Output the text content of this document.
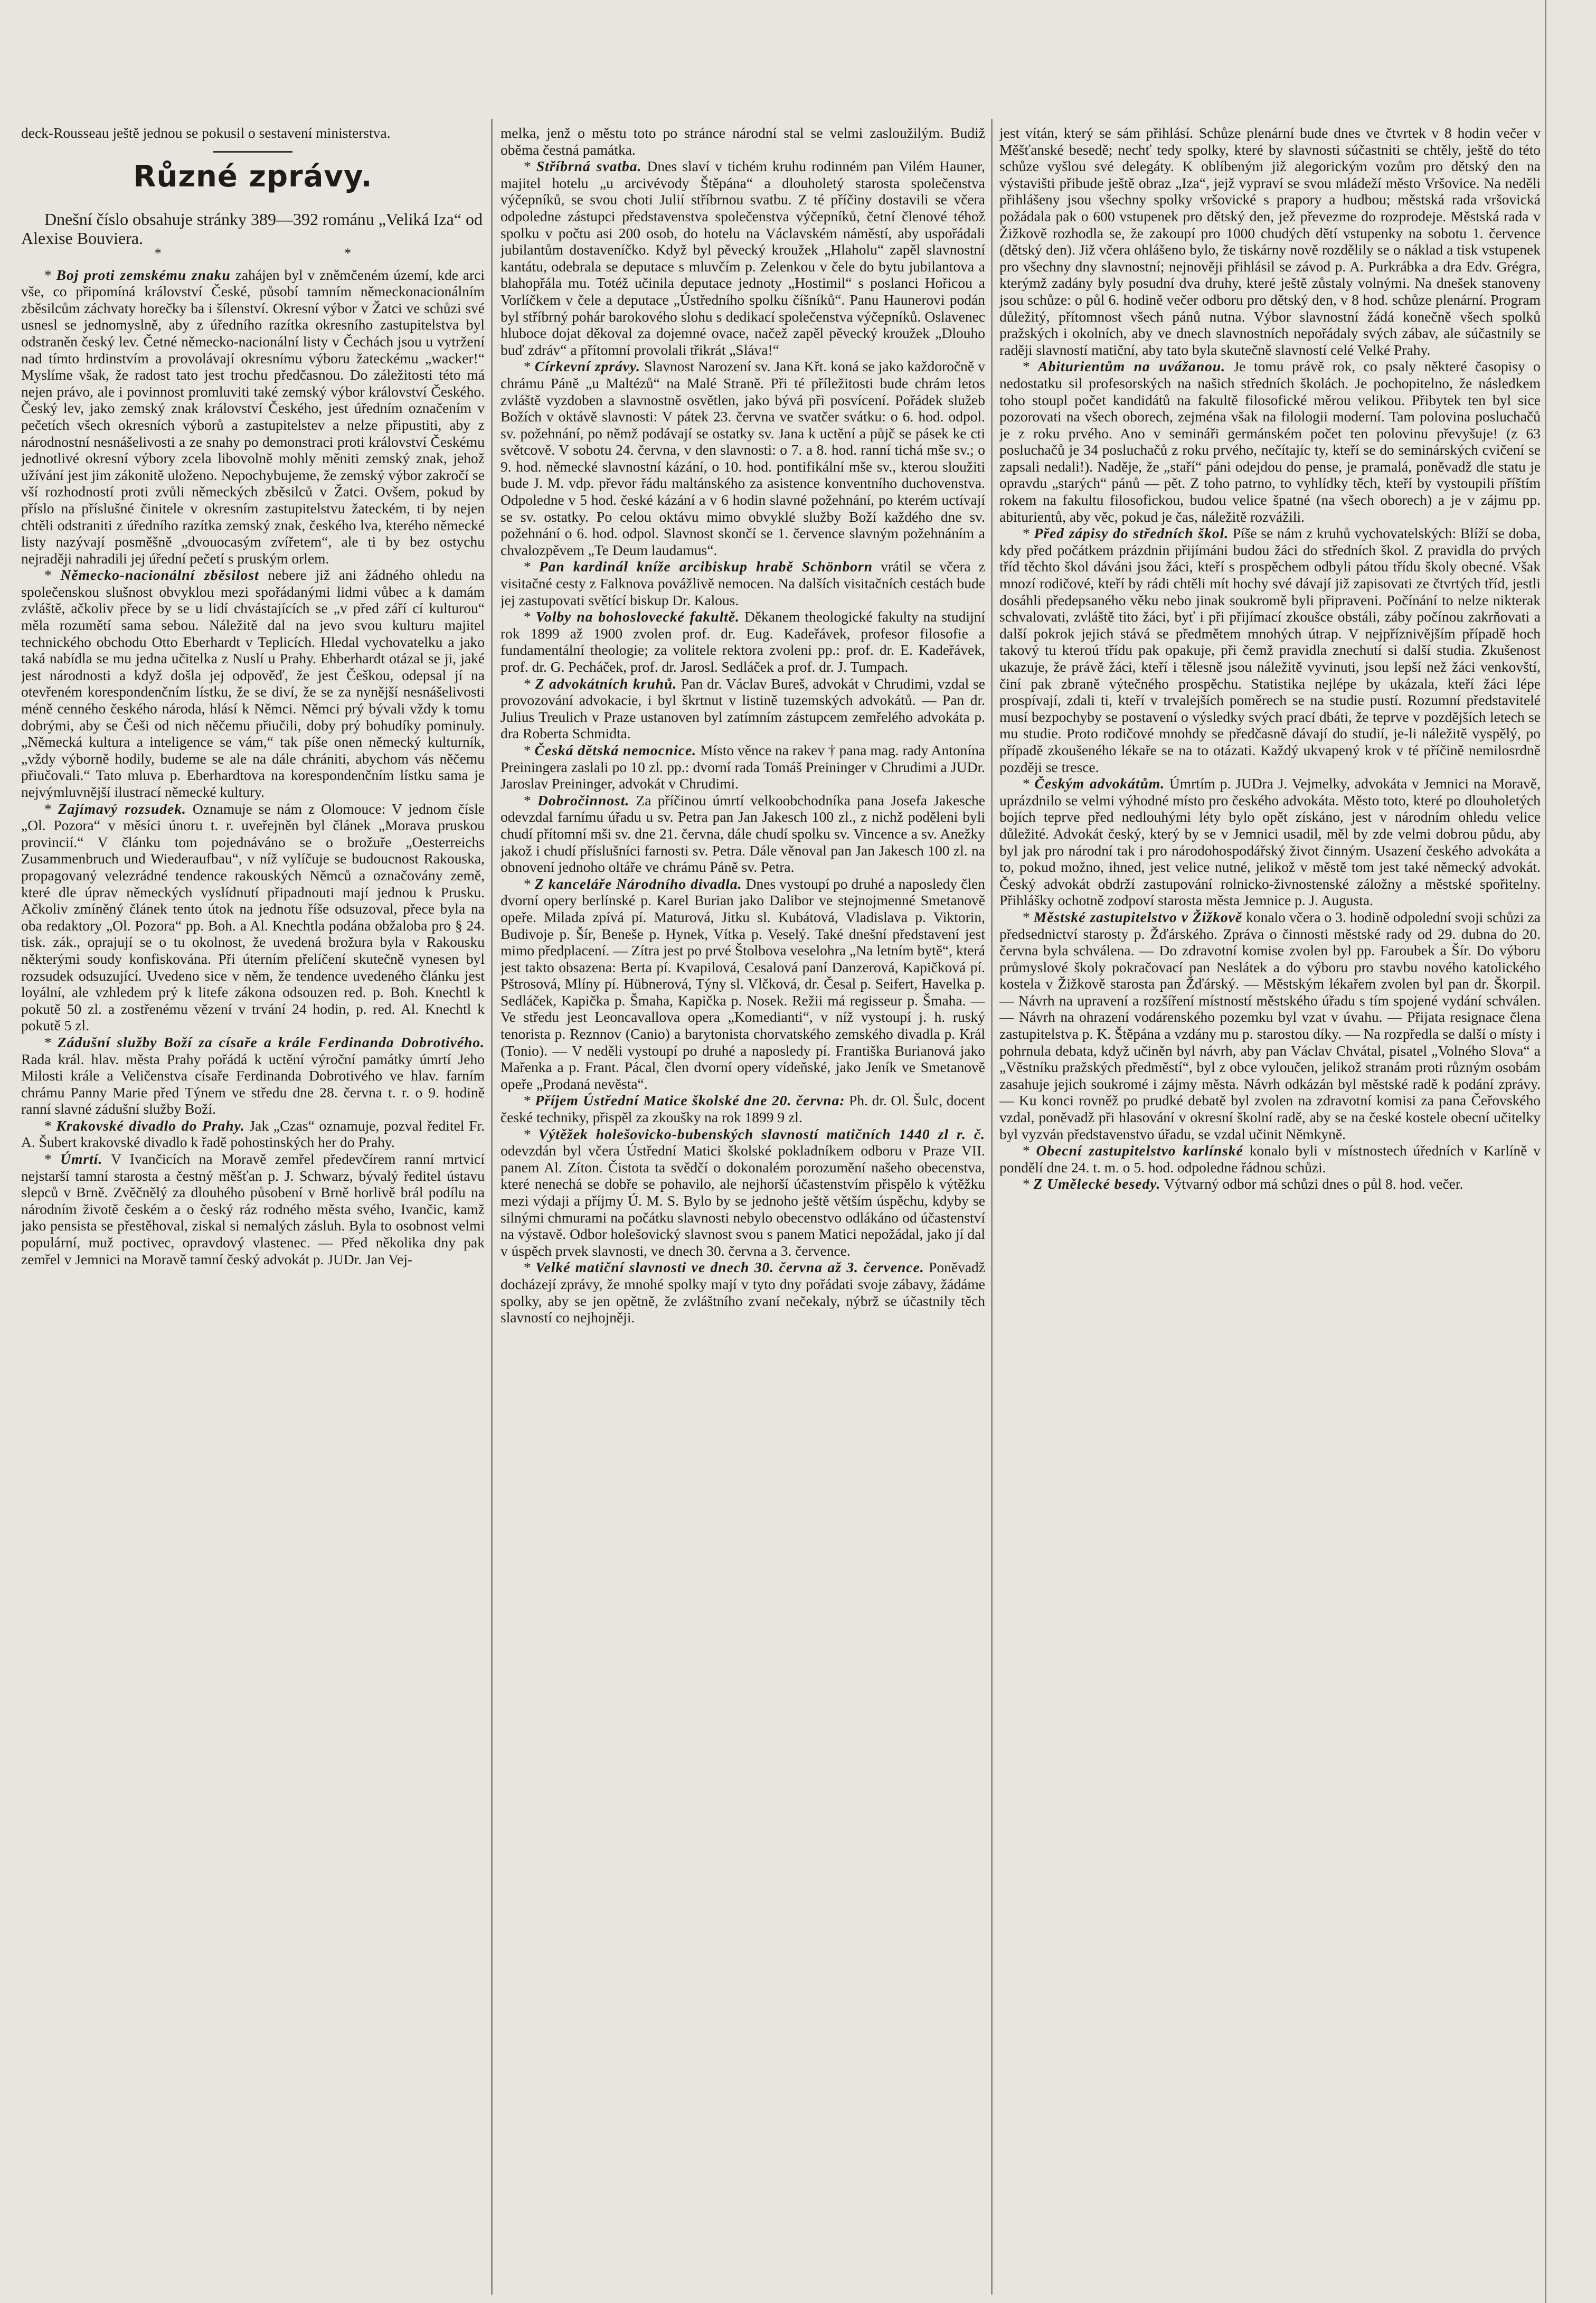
deck-Rousseau ještě jednou se pokusil o sestavení ministerstva.

Různé zprávy.

Dnešní číslo obsahuje stránky 389—392 románu „Veliká Iza“ od Alexise Bouviera.

* *

* Boj proti zemskému znaku zahájen byl v zněmčeném území, kde arci vše, co připomíná království České, působí tamním německonacionálním zběsilcům záchvaty horečky ba i šílenství. Okresní výbor v Žatci ve schůzi své usnesl se jednomyslně, aby z úředního razítka okresního zastupitelstva byl odstraněn český lev. Četné německo-nacionální listy v Čechách jsou u vytržení nad tímto hrdinstvím a provolávají okresnímu výboru žateckému „wacker!“ Myslíme však, že radost tato jest trochu předčasnou. Do záležitosti této má nejen právo, ale i povinnost promluviti také zemský výbor království Českého. Český lev, jako zemský znak království Českého, jest úředním označením v pečetích všech okresních výborů a zastupitelstev a nelze připustiti, aby z národnostní nesnášelivosti a ze snahy po demonstraci proti království Českému jednotlivé okresní výbory zcela libovolně mohly měniti zemský znak, jehož užívání jest jim zákonitě uloženo. Nepochybujeme, že zemský výbor zakročí se vší rozhodností proti zvůli německých zběsilců v Žatci. Ovšem, pokud by příslo na příslušné činitele v okresním zastupitelstvu žateckém, ti by nejen chtěli odstraniti z úředního razítka zemský znak, českého lva, kterého německé listy nazývají posměšně „dvouocasým zvířetem“, ale ti by bez ostychu nejraději nahradili jej úřední pečetí s pruským orlem.

* Německo-nacionální zběsilost nebere již ani žádného ohledu na společenskou slušnost obvyklou mezi spořádanými lidmi vůbec a k damám zvláště, ačkoliv přece by se u lidí chvástajících se „v před září cí kulturou“ měla rozumětí sama sebou. Náležitě dal na jevo svou kulturu majitel technického obchodu Otto Eberhardt v Teplicích. Hledal vychovatelku a jako taká nabídla se mu jedna učitelka z Nuslí u Prahy. Ehberhardt otázal se ji, jaké jest národnosti a když došla jej odpověď, že jest Češkou, odepsal jí na otevřeném korespondenčním lístku, že se diví, že se za nynější nesnášelivosti méně cenného českého národa, hlásí k Němci. Němci prý bývali vždy k tomu dobrými, aby se Češi od nich něčemu přiučili, doby prý bohudíky pominuly. „Německá kultura a inteligence se vám,“ tak píše onen německý kulturník, „vždy výborně hodily, budeme se ale na dále chrániti, abychom vás něčemu přiučovali.“ Tato mluva p. Eberhardtova na korespondenčním lístku sama je nejvýmluvnější ilustrací německé kultury.

* Zajímavý rozsudek. Oznamuje se nám z Olomouce: V jednom čísle „Ol. Pozora“ v měsíci únoru t. r. uveřejněn byl článek „Morava pruskou provincií.“ V článku tom pojednáváno se o brožuře „Oesterreichs Zusammenbruch und Wiederaufbau“, v níž vylíčuje se budoucnost Rakouska, propagovaný velezrádné tendence rakouských Němců a označovány země, které dle úprav německých vyslídnutí připadnouti mají jednou k Prusku. Ačkoliv zmíněný článek tento útok na jednotu říše odsuzoval, přece byla na oba redaktory „Ol. Pozora“ pp. Boh. a Al. Knechtla podána obžaloba pro § 24. tisk. zák., oprajují se o tu okolnost, že uvedená brožura byla v Rakousku některými soudy konfiskována. Při úterním přelíčení skutečně vynesen byl rozsudek odsuzující. Uvedeno sice v něm, že tendence uvedeného článku jest loyální, ale vzhledem prý k litefe zákona odsouzen red. p. Boh. Knechtl k pokutě 50 zl. a zostřenému vězení v trvání 24 hodin, p. red. Al. Knechtl k pokutě 5 zl.

* Zádušní služby Boží za císaře a krále Ferdinanda Dobrotivého. Rada král. hlav. města Prahy pořádá k uctění výroční památky úmrtí Jeho Milosti krále a Veličenstva císaře Ferdinanda Dobrotivého ve hlav. farním chrámu Panny Marie před Týnem ve středu dne 28. června t. r. o 9. hodině ranní slavné zádušní služby Boží.

* Krakovské divadlo do Prahy. Jak „Czas“ oznamuje, pozval ředitel Fr. A. Šubert krakovské divadlo k řadě pohostinských her do Prahy.

* Úmrtí. V Ivančicích na Moravě zemřel předevčírem ranní mrtvicí nejstarší tamní starosta a čestný měšťan p. J. Schwarz, bývalý ředitel ústavu slepců v Brně. Zvěčnělý za dlouhého působení v Brně horlivě brál podílu na národním životě českém a o český ráz rodného města svého, Ivančic, kamž jako pensista se přestěhoval, ziskal si nemalých zásluh. Byla to osobnost velmi populární, muž poctivec, opravdový vlastenec. — Před několika dny pak zemřel v Jemnici na Moravě tamní český advokát p. JUDr. Jan Vej-

melka, jenž o městu toto po stránce národní stal se velmi zasloužilým. Budiž oběma čestná památka.

* Stříbrná svatba. Dnes slaví v tichém kruhu rodinném pan Vilém Hauner, majitel hotelu „u arcivévody Štěpána“ a dlouholetý starosta společenstva výčepníků, se svou choti Julií stříbrnou svatbu. Z té příčiny dostavili se včera odpoledne zástupci představenstva společenstva výčepníků, četní členové téhož spolku v počtu asi 200 osob, do hotelu na Václavském náměstí, aby uspořádali jubilantům dostaveníčko. Když byl pěvecký kroužek „Hlaholu“ zapěl slavnostní kantátu, odebrala se deputace s mluvčím p. Zelenkou v čele do bytu jubilantova a blahopřála mu. Totéž učinila deputace jednoty „Hostimil“ s poslanci Hořicou a Vorlíčkem v čele a deputace „Ústředního spolku číšníků“. Panu Haunerovi podán byl stříbrný pohár barokového slohu s dedikací společenstva výčepníků. Oslavenec hluboce dojat děkoval za dojemné ovace, načež zapěl pěvecký kroužek „Dlouho buď zdráv“ a přítomní provolali třikrát „Sláva!“

* Církevní zprávy. Slavnost Narození sv. Jana Křt. koná se jako každoročně v chrámu Páně „u Maltézů“ na Malé Straně. Při té příležitosti bude chrám letos zvláště vyzdoben a slavnostně osvětlen, jako bývá při posvícení. Pořádek služeb Božích v oktávě slavnosti: V pátek 23. června ve svatčer svátku: o 6. hod. odpol. sv. požehnání, po němž podávají se ostatky sv. Jana k uctění a půjč se pásek ke cti světcově. V sobotu 24. června, v den slavnosti: o 7. a 8. hod. ranní tichá mše sv.; o 9. hod. německé slavnostní kázání, o 10. hod. pontifikální mše sv., kterou sloužiti bude J. M. vdp. převor řádu maltánského za asistence konventního duchovenstva. Odpoledne v 5 hod. české kázání a v 6 hodin slavné požehnání, po kterém uctívají se sv. ostatky. Po celou oktávu mimo obvyklé služby Boží každého dne sv. požehnání o 6. hod. odpol. Slavnost skončí se 1. července slavným požehnáním a chvalozpěvem „Te Deum laudamus“.

* Pan kardinál kníže arcibiskup hrabě Schönborn vrátil se včera z visitačné cesty z Falknova povážlivě nemocen. Na dalších visitačních cestách bude jej zastupovati světící biskup Dr. Kalous.

* Volby na bohoslovecké fakultě. Děkanem theologické fakulty na studijní rok 1899 až 1900 zvolen prof. dr. Eug. Kadeřávek, profesor filosofie a fundamentální theologie; za volitele rektora zvoleni pp.: prof. dr. E. Kadeřávek, prof. dr. G. Pecháček, prof. dr. Jarosl. Sedláček a prof. dr. J. Tumpach.

* Z advokátních kruhů. Pan dr. Václav Bureš, advokát v Chrudimi, vzdal se provozování advokacie, i byl škrtnut v listině tuzemských advokátů. — Pan dr. Julius Treulich v Praze ustanoven byl zatímním zástupcem zemřelého advokáta p. dra Roberta Schmidta.

* Česká dětská nemocnice. Místo věnce na rakev † pana mag. rady Antonína Preiningera zaslali po 10 zl. pp.: dvorní rada Tomáš Preininger v Chrudimi a JUDr. Jaroslav Preininger, advokát v Chrudimi.

* Dobročinnost. Za příčinou úmrtí velkoobchodníka pana Josefa Jakesche odevzdal farnímu úřadu u sv. Petra pan Jan Jakesch 100 zl., z nichž poděleni byli chudí přítomní mši sv. dne 21. června, dále chudí spolku sv. Vincence a sv. Anežky jakož i chudí příslušníci farnosti sv. Petra. Dále věnoval pan Jan Jakesch 100 zl. na obnovení jednoho oltáře ve chrámu Páně sv. Petra.

* Z kanceláře Národního divadla. Dnes vystoupí po druhé a naposledy člen dvorní opery berlínské p. Karel Burian jako Dalibor ve stejnojmenné Smetanově opeře. Milada zpívá pí. Maturová, Jitku sl. Kubátová, Vladislava p. Viktorin, Budivoje p. Šír, Beneše p. Hynek, Vítka p. Veselý. Také dnešní představení jest mimo předplacení. — Zítra jest po prvé Štolbova veselohra „Na letním bytě“, která jest takto obsazena: Berta pí. Kvapilová, Cesalová paní Danzerová, Kapičková pí. Pštrosová, Mlíny pí. Hübnerová, Týny sl. Vlčková, dr. Česal p. Seifert, Havelka p. Sedláček, Kapička p. Šmaha, Kapička p. Nosek. Režii má regisseur p. Šmaha. — Ve středu jest Leoncavallova opera „Komedianti“, v níž vystoupí j. h. ruský tenorista p. Reznnov (Canio) a barytonista chorvatského zemského divadla p. Král (Tonio). — V neděli vystoupí po druhé a naposledy pí. Františka Burianová jako Mařenka a p. Frant. Pácal, člen dvorní opery vídeňské, jako Jeník ve Smetanově opeře „Prodaná nevěsta“.

* Příjem Ústřední Matice školské dne 20. června: Ph. dr. Ol. Šulc, docent české techniky, přispěl za zkoušky na rok 1899 9 zl.

* Výtěžek holešovicko-bubenských slavností matičních 1440 zl r. č. odevzdán byl včera Ústřední Matici školské pokladníkem odboru v Praze VII. panem Al. Zíton. Čistota ta svědčí o dokonalém porozumění našeho obecenstva, které nenechá se dobře se pohavilo, ale nejhorší účastenstvím přispělo k výtěžku mezi výdaji a příjmy Ú. M. S. Bylo by se jednoho ještě větším úspěchu, kdyby se silnými chmurami na počátku slavnosti nebylo obecenstvo odlákáno od účastenství na výstavě. Odbor holešovický slavnost svou s panem Matici nepožádal, jako jí dal v úspěch prvek slavnosti, ve dnech 30. června a 3. července.

* Velké matiční slavnosti ve dnech 30. června až 3. července. Poněvadž docházejí zprávy, že mnohé spolky mají v tyto dny pořádati svoje zábavy, žádáme spolky, aby se jen opětně, že zvláštního zvaní nečekaly, nýbrž se účastnily těch slavností co nejhojněji.

jest vítán, který se sám přihlásí. Schůze plenární bude dnes ve čtvrtek v 8 hodin večer v Měšťanské besedě; nechť tedy spolky, které by slavnosti súčastniti se chtěly, ještě do této schůze vyšlou své delegáty. K oblíbeným již alegorickým vozům pro dětský den na výstavišti přibude ještě obraz „Iza“, jejž vypraví se svou mládeží město Vršovice. Na neděli přihlášeny jsou všechny spolky vršovické s prapory a hudbou; městská rada vršovická požádala pak o 600 vstupenek pro dětský den, jež převezme do rozprodeje. Městská rada v Žižkově rozhodla se, že zakoupí pro 1000 chudých dětí vstupenky na sobotu 1. července (dětský den). Již včera ohlášeno bylo, že tiskárny nově rozdělily se o náklad a tisk vstupenek pro všechny dny slavnostní; nejnověji přihlásil se závod p. A. Purkrábka a dra Edv. Grégra, kterýmž zadány byly posudní dva druhy, které ještě zůstaly volnými. Na dnešek stanoveny jsou schůze: o půl 6. hodině večer odboru pro dětský den, v 8 hod. schůze plenární. Program důležitý, přítomnost všech pánů nutna. Výbor slavnostní žádá konečně všech spolků pražských i okolních, aby ve dnech slavnostních nepořádaly svých zábav, ale súčastnily se raději slavností matiční, aby tato byla skutečně slavností celé Velké Prahy.

* Abiturientům na uvážanou. Je tomu právě rok, co psaly některé časopisy o nedostatku sil profesorských na našich středních školách. Je pochopitelno, že následkem toho stoupl počet kandidátů na fakultě filosofické měrou velikou. Přibytek ten byl sice pozorovati na všech oborech, zejména však na filologii moderní. Tam polovina posluchačů je z roku prvého. Ano v semináři germánském počet ten polovinu převyšuje! (z 63 posluchačů je 34 posluchačů z roku prvého, nečítajíc ty, kteří se do seminárských cvičení se zapsali nedali!). Naděje, že „staří“ páni odejdou do pense, je pramalá, poněvadž dle statu je opravdu „starých“ pánů — pět. Z toho patrno, to vyhlídky těch, kteří by vystoupili příštím rokem na fakultu filosofickou, budou velice špatné (na všech oborech) a je v zájmu pp. abiturientů, aby věc, pokud je čas, náležitě rozvážili.

* Před zápisy do středních škol. Píše se nám z kruhů vychovatelských: Blíží se doba, kdy před počátkem prázdnin přijímáni budou žáci do středních škol. Z pravidla do prvých tříd těchto škol dáváni jsou žáci, kteří s prospěchem odbyli pátou třídu školy obecné. Však mnozí rodičové, kteří by rádi chtěli mít hochy své dávají již zapisovati ze čtvrtých tříd, jestli dosáhli předepsaného věku nebo jinak soukromě byli připraveni. Počínání to nelze nikterak schvalovati, zvláště tito žáci, byť i při přijímací zkoušce obstáli, záby počínou zakrňovati a další pokrok jejich stává se předmětem mnohých útrap. V nejpříznivějším případě hoch takový tu kteroú třídu pak opakuje, při čemž pravidla znechutí si další studia. Zkušenost ukazuje, že právě žáci, kteří i tělesně jsou náležitě vyvinuti, jsou lepší než žáci venkovští, činí pak zbraně výtečného prospěchu. Statistika nejlépe by ukázala, kteří žáci lépe prospívají, zdali ti, kteří v trvalejších poměrech se na studie pustí. Rozumní představitelé musí bezpochyby se postavení o výsledky svých prací dbáti, že teprve v pozdějších letech se mu studie. Proto rodičové mnohdy se předčasně dávají do studií, je-li náležitě vyspělý, po případě zkoušeného lékaře se na to otázati. Každý ukvapený krok v té příčině nemilosrdně později se tresce.

* Českým advokátům. Úmrtím p. JUDra J. Vejmelky, advokáta v Jemnici na Moravě, uprázdnilo se velmi výhodné místo pro českého advokáta. Město toto, které po dlouholetých bojích teprve před nedlouhými léty bylo opět získáno, jest v národním ohledu velice důležité. Advokát český, který by se v Jemnici usadil, měl by zde velmi dobrou půdu, aby byl jak pro národní tak i pro národohospodářský život činným. Usazení českého advokáta a to, pokud možno, ihned, jest velice nutné, jelikož v městě tom jest také německý advokát. Český advokát obdrží zastupování rolnicko-živnostenské záložny a městské spořitelny. Přihlášky ochotně zodpoví starosta města Jemnice p. J. Augusta.

* Městské zastupitelstvo v Žižkově konalo včera o 3. hodině odpolední svoji schůzi za předsednictví starosty p. Žďárského. Zpráva o činnosti městské rady od 29. dubna do 20. června byla schválena. — Do zdravotní komise zvolen byl pp. Faroubek a Šír. Do výboru průmyslové školy pokračovací pan Neslátek a do výboru pro stavbu nového katolického kostela v Žižkově starosta pan Žďárský. — Městským lékařem zvolen byl pan dr. Škorpil. — Návrh na upravení a rozšíření místností městského úřadu s tím spojené vydání schválen. — Návrh na ohrazení vodárenského pozemku byl vzat v úvahu. — Přijata resignace člena zastupitelstva p. K. Štěpána a vzdány mu p. starostou díky. — Na rozpředla se další o místy i pohrnula debata, když učiněn byl návrh, aby pan Václav Chvátal, pisatel „Volného Slova“ a „Věstníku pražských předměstí“, byl z obce vyloučen, jelikož stranám proti různým osobám zasahuje jejich soukromé i zájmy města. Návrh odkázán byl městské radě k podání zprávy. — Ku konci rovněž po prudké debatě byl zvolen na zdravotní komisi za pana Čeřovského vzdal, poněvadž při hlasování v okresní školní radě, aby se na české kostele obecní učitelky byl vyzván představenstvo úřadu, se vzdal učinit Němkyně.

* Obecní zastupitelstvo karlínské konalo byli v místnostech úředních v Karlíně v pondělí dne 24. t. m. o 5. hod. odpoledne řádnou schůzi.

* Z Umělecké besedy. Výtvarný odbor má schůzi dnes o půl 8. hod. večer.
